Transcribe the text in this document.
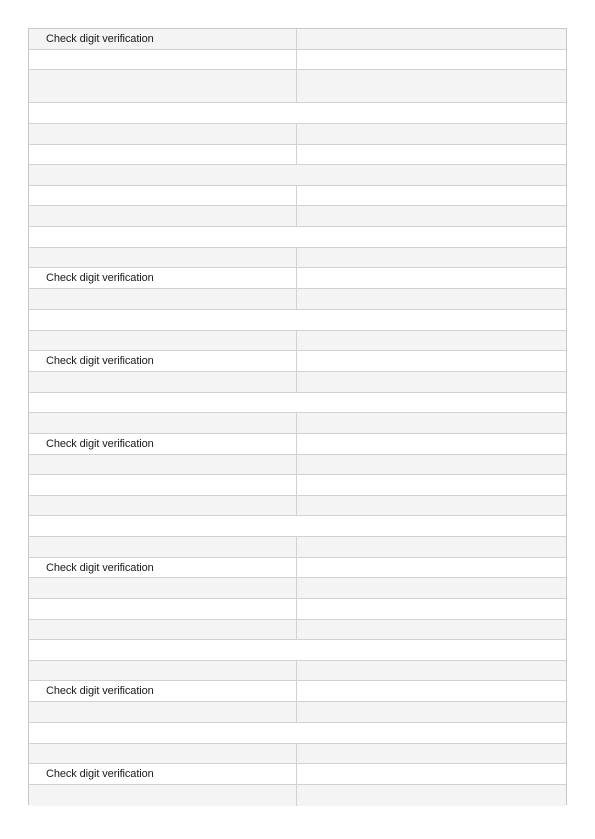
Check digit verification
Check digit verification
Check digit verification
Check digit verification
Check digit verification
Check digit verification
Check digit verification
